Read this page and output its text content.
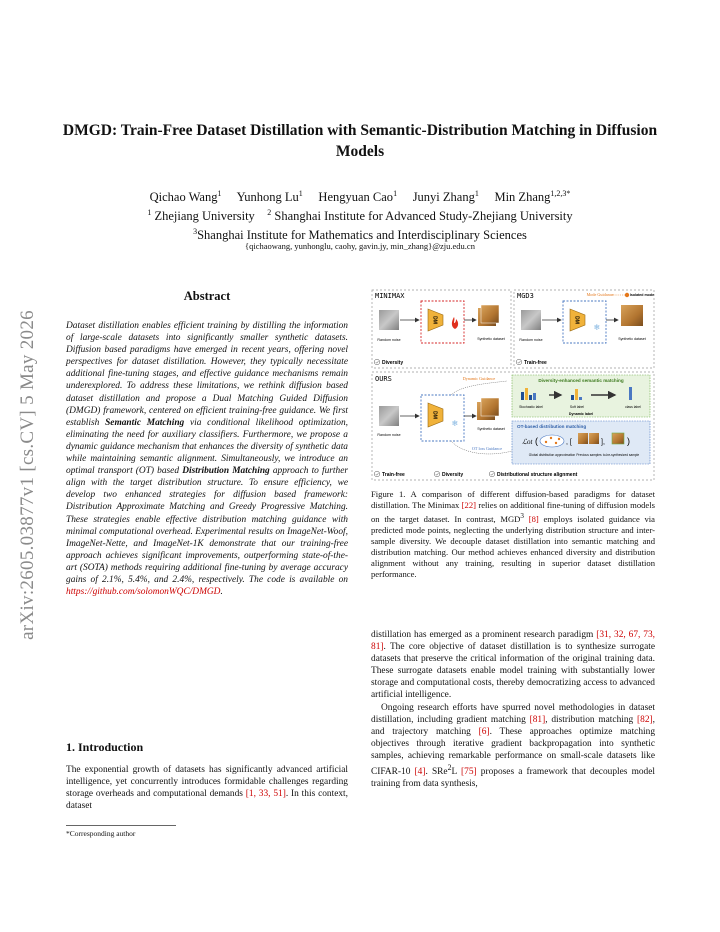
arXiv:2605.03877v1 [cs.CV] 5 May 2026
DMGD: Train-Free Dataset Distillation with Semantic-Distribution Matching in Diffusion Models
Qichao Wang$^1$ Yunhong Lu$^1$ Hengyuan Cao$^1$ Junyi Zhang$^1$ Min Zhang$^{1,2,3*}$
$^1$ Zhejiang University $^2$ Shanghai Institute for Advanced Study-Zhejiang University
$^3$Shanghai Institute for Mathematics and Interdisciplinary Sciences
{qichaowang, yunhonglu, caohy, gavin.jy, min_zhang}@zju.edu.cn
Abstract
Dataset distillation enables efficient training by distilling the information of large-scale datasets into significantly smaller synthetic datasets. Diffusion based paradigms have emerged in recent years, offering novel perspectives for dataset distillation. However, they typically necessitate additional fine-tuning stages, and effective guidance mechanisms remain underexplored. To address these limitations, we rethink diffusion based dataset distillation and propose a Dual Matching Guided Diffusion (DMGD) framework, centered on efficient training-free guidance. We first establish Semantic Matching via conditional likelihood optimization, eliminating the need for auxiliary classifiers. Furthermore, we propose a dynamic guidance mechanism that enhances the diversity of synthetic data while maintaining semantic alignment. Simultaneously, we introduce an optimal transport (OT) based Distribution Matching approach to further align with the target distribution structure. To ensure efficiency, we develop two enhanced strategies for diffusion based framework: Distribution Approximate Matching and Greedy Progressive Matching. These strategies enable effective distribution matching guidance with minimal computational overhead. Experimental results on ImageNet-Woof, ImageNet-Nette, and ImageNet-1K demonstrate that our training-free approach achieves significant improvements, outperforming state-of-the-art (SOTA) methods requiring additional fine-tuning by average accuracy gains of 2.1%, 5.4%, and 2.4%, respectively. The code is available on https://github.com/solomonWQC/DMGD.
1. Introduction
The exponential growth of datasets has significantly advanced artificial intelligence, yet concurrently introduces formidable challenges regarding storage overheads and computational demands [1, 33, 51]. In this context, dataset
*Corresponding author
MINIMAX
Random noise
DM
Synthetic dataset
Diversity
MGD3
Random noise
DM
❄
Mode Guidance	Isolated mode
Synthetic dataset
Train-free
OURS
Random noise
DM
❄
Dynamic Guidance
Synthetic dataset
OT loss Guidance
Diversity-enhanced semantic matching
Stochastic label	Soft label	class label
Dynamic label
OT-based distribution matching
ℒot (	, [	], )
Global distribution approximation Previous samples to-be-synthesized sample
Train-free	Diversity	Distributional structure alignment
Figure 1. A comparison of different diffusion-based paradigms for dataset distillation. The Minimax [22] relies on additional fine-tuning of diffusion models on the target dataset. In contrast, MGD$^3$ [8] employs isolated guidance via predicted mode points, neglecting the underlying distribution structure and inter-sample diversity. We decouple dataset distillation into semantic matching and distribution matching. Our method achieves enhanced diversity and distribution alignment without any training, resulting in superior dataset distillation performance.

distillation has emerged as a prominent research paradigm [31, 32, 67, 73, 81]. The core objective of dataset distillation is to synthesize surrogate datasets that preserve the critical information of the original training data. These surrogate datasets enable model training with substantially lower storage and computational costs, thereby democratizing access to advanced artificial intelligence.

Ongoing research efforts have spurred novel methodologies in dataset distillation, including gradient matching [81], distribution matching [82], and trajectory matching [6]. These approaches optimize matching objectives through iterative gradient backpropagation into synthetic samples, achieving remarkable performance on small-scale datasets like CIFAR-10 [4]. SRe$^2$L [75] proposes a framework that decouples model training from data synthesis,
